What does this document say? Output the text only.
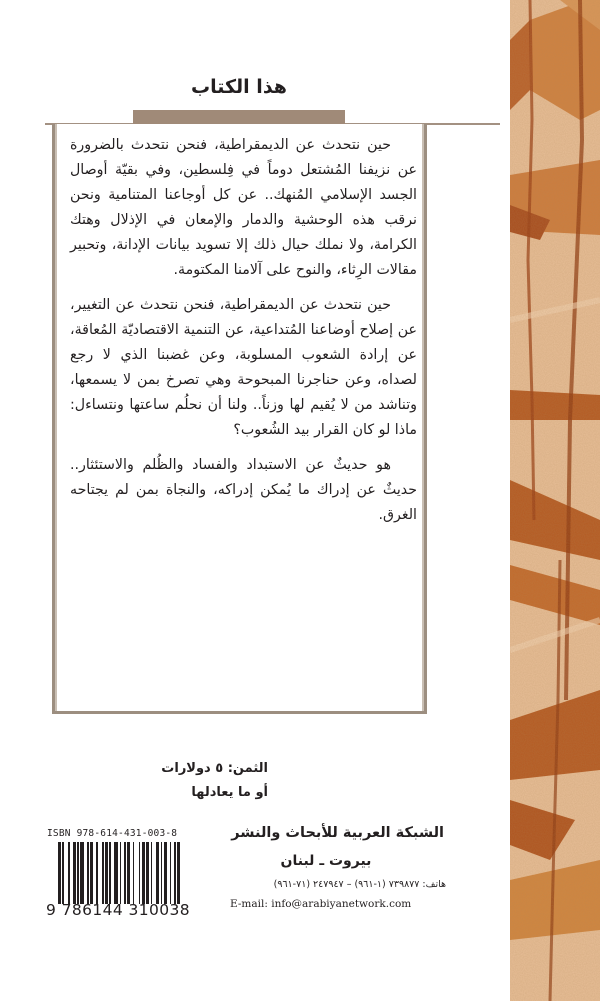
هذا الكتاب

حين نتحدث عن الديمقراطية، فنحن نتحدث بالضرورة عن نزيفنا المُشتعل دوماً في فِلسطين، وفي بقيّة أوصال الجسد الإسلامي المُنهك.. عن كل أوجاعنا المتنامية ونحن نرقب هذه الوحشية والدمار والإمعان في الإذلال وهتك الكرامة، ولا نملك حيال ذلك إلا تسويد بيانات الإدانة، وتحبير مقالات الرِثاء، والنوح على آلامنا المكتومة.

حين نتحدث عن الديمقراطية، فنحن نتحدث عن التغيير، عن إصلاح أوضاعنا المُتداعية، عن التنمية الاقتصاديّة المُعاقة، عن إرادة الشعوب المسلوبة، وعن غضبنا الذي لا رجع لصداه، وعن حناجرنا المبحوحة وهي تصرخ بمن لا يسمعها، وتناشد من لا يُقيم لها وزناً.. ولنا أن نحلُم ساعتها ونتساءل: ماذا لو كان القرار بيد الشُعوب؟

هو حديثٌ عن الاستبداد والفساد والظُلم والاستئثار.. حديثٌ عن إدراك ما يُمكن إدراكه، والنجاة بمن لم يجتاحه الغرق.

الثمن: ٥ دولارات
أو ما يعادلها
ISBN 978-614-431-003-8
9 786144 310038
الشبكة العربية للأبحاث والنشر
بيروت ـ لبنان
هاتف: ٧٣٩٨٧٧ (١-٩٦١) – ٢٤٧٩٤٧ (٧١-٩٦١)
E-mail: info@arabiyanetwork.com
